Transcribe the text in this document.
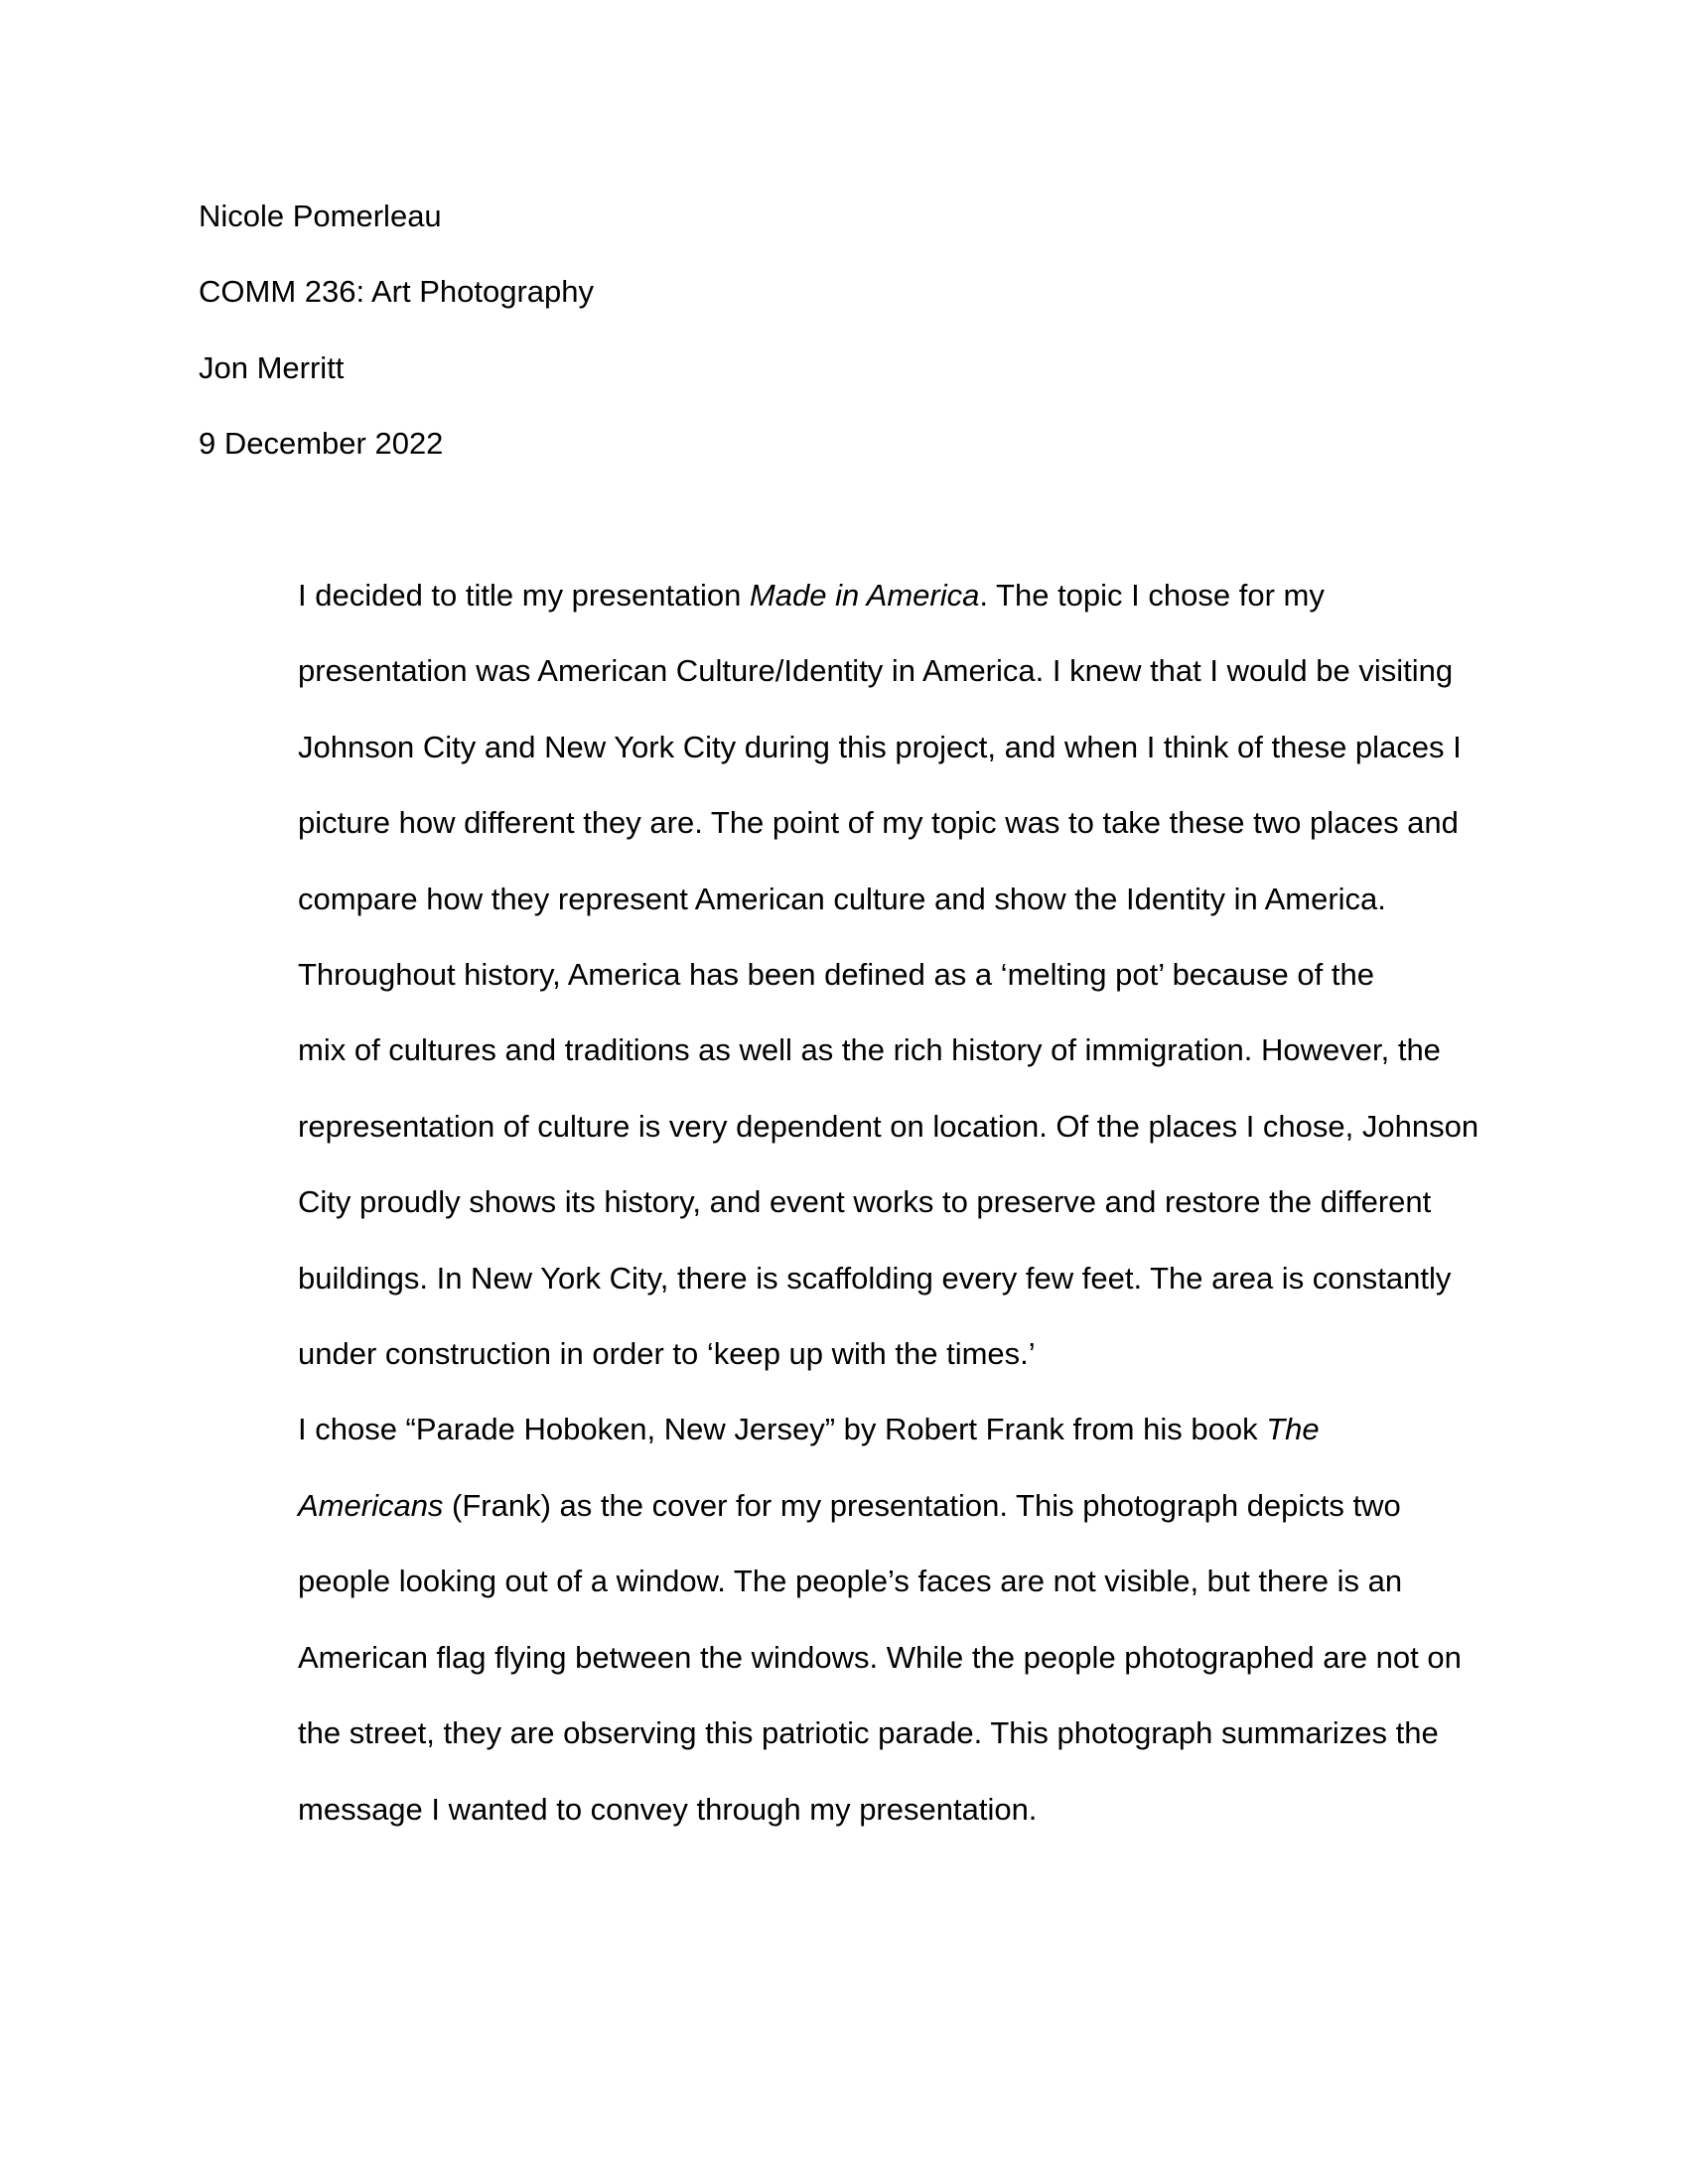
Nicole Pomerleau
COMM 236: Art Photography
Jon Merritt
9 December 2022

I decided to title my presentation Made in America. The topic I chose for my
presentation was American Culture/Identity in America. I knew that I would be visiting
Johnson City and New York City during this project, and when I think of these places I
picture how different they are. The point of my topic was to take these two places and
compare how they represent American culture and show the Identity in America.

Throughout history, America has been defined as a ‘melting pot’ because of the
mix of cultures and traditions as well as the rich history of immigration. However, the
representation of culture is very dependent on location. Of the places I chose, Johnson
City proudly shows its history, and event works to preserve and restore the different
buildings. In New York City, there is scaffolding every few feet. The area is constantly
under construction in order to ‘keep up with the times.’

I chose “Parade Hoboken, New Jersey” by Robert Frank from his book The
Americans (Frank) as the cover for my presentation. This photograph depicts two
people looking out of a window. The people’s faces are not visible, but there is an
American flag flying between the windows. While the people photographed are not on
the street, they are observing this patriotic parade. This photograph summarizes the
message I wanted to convey through my presentation.
